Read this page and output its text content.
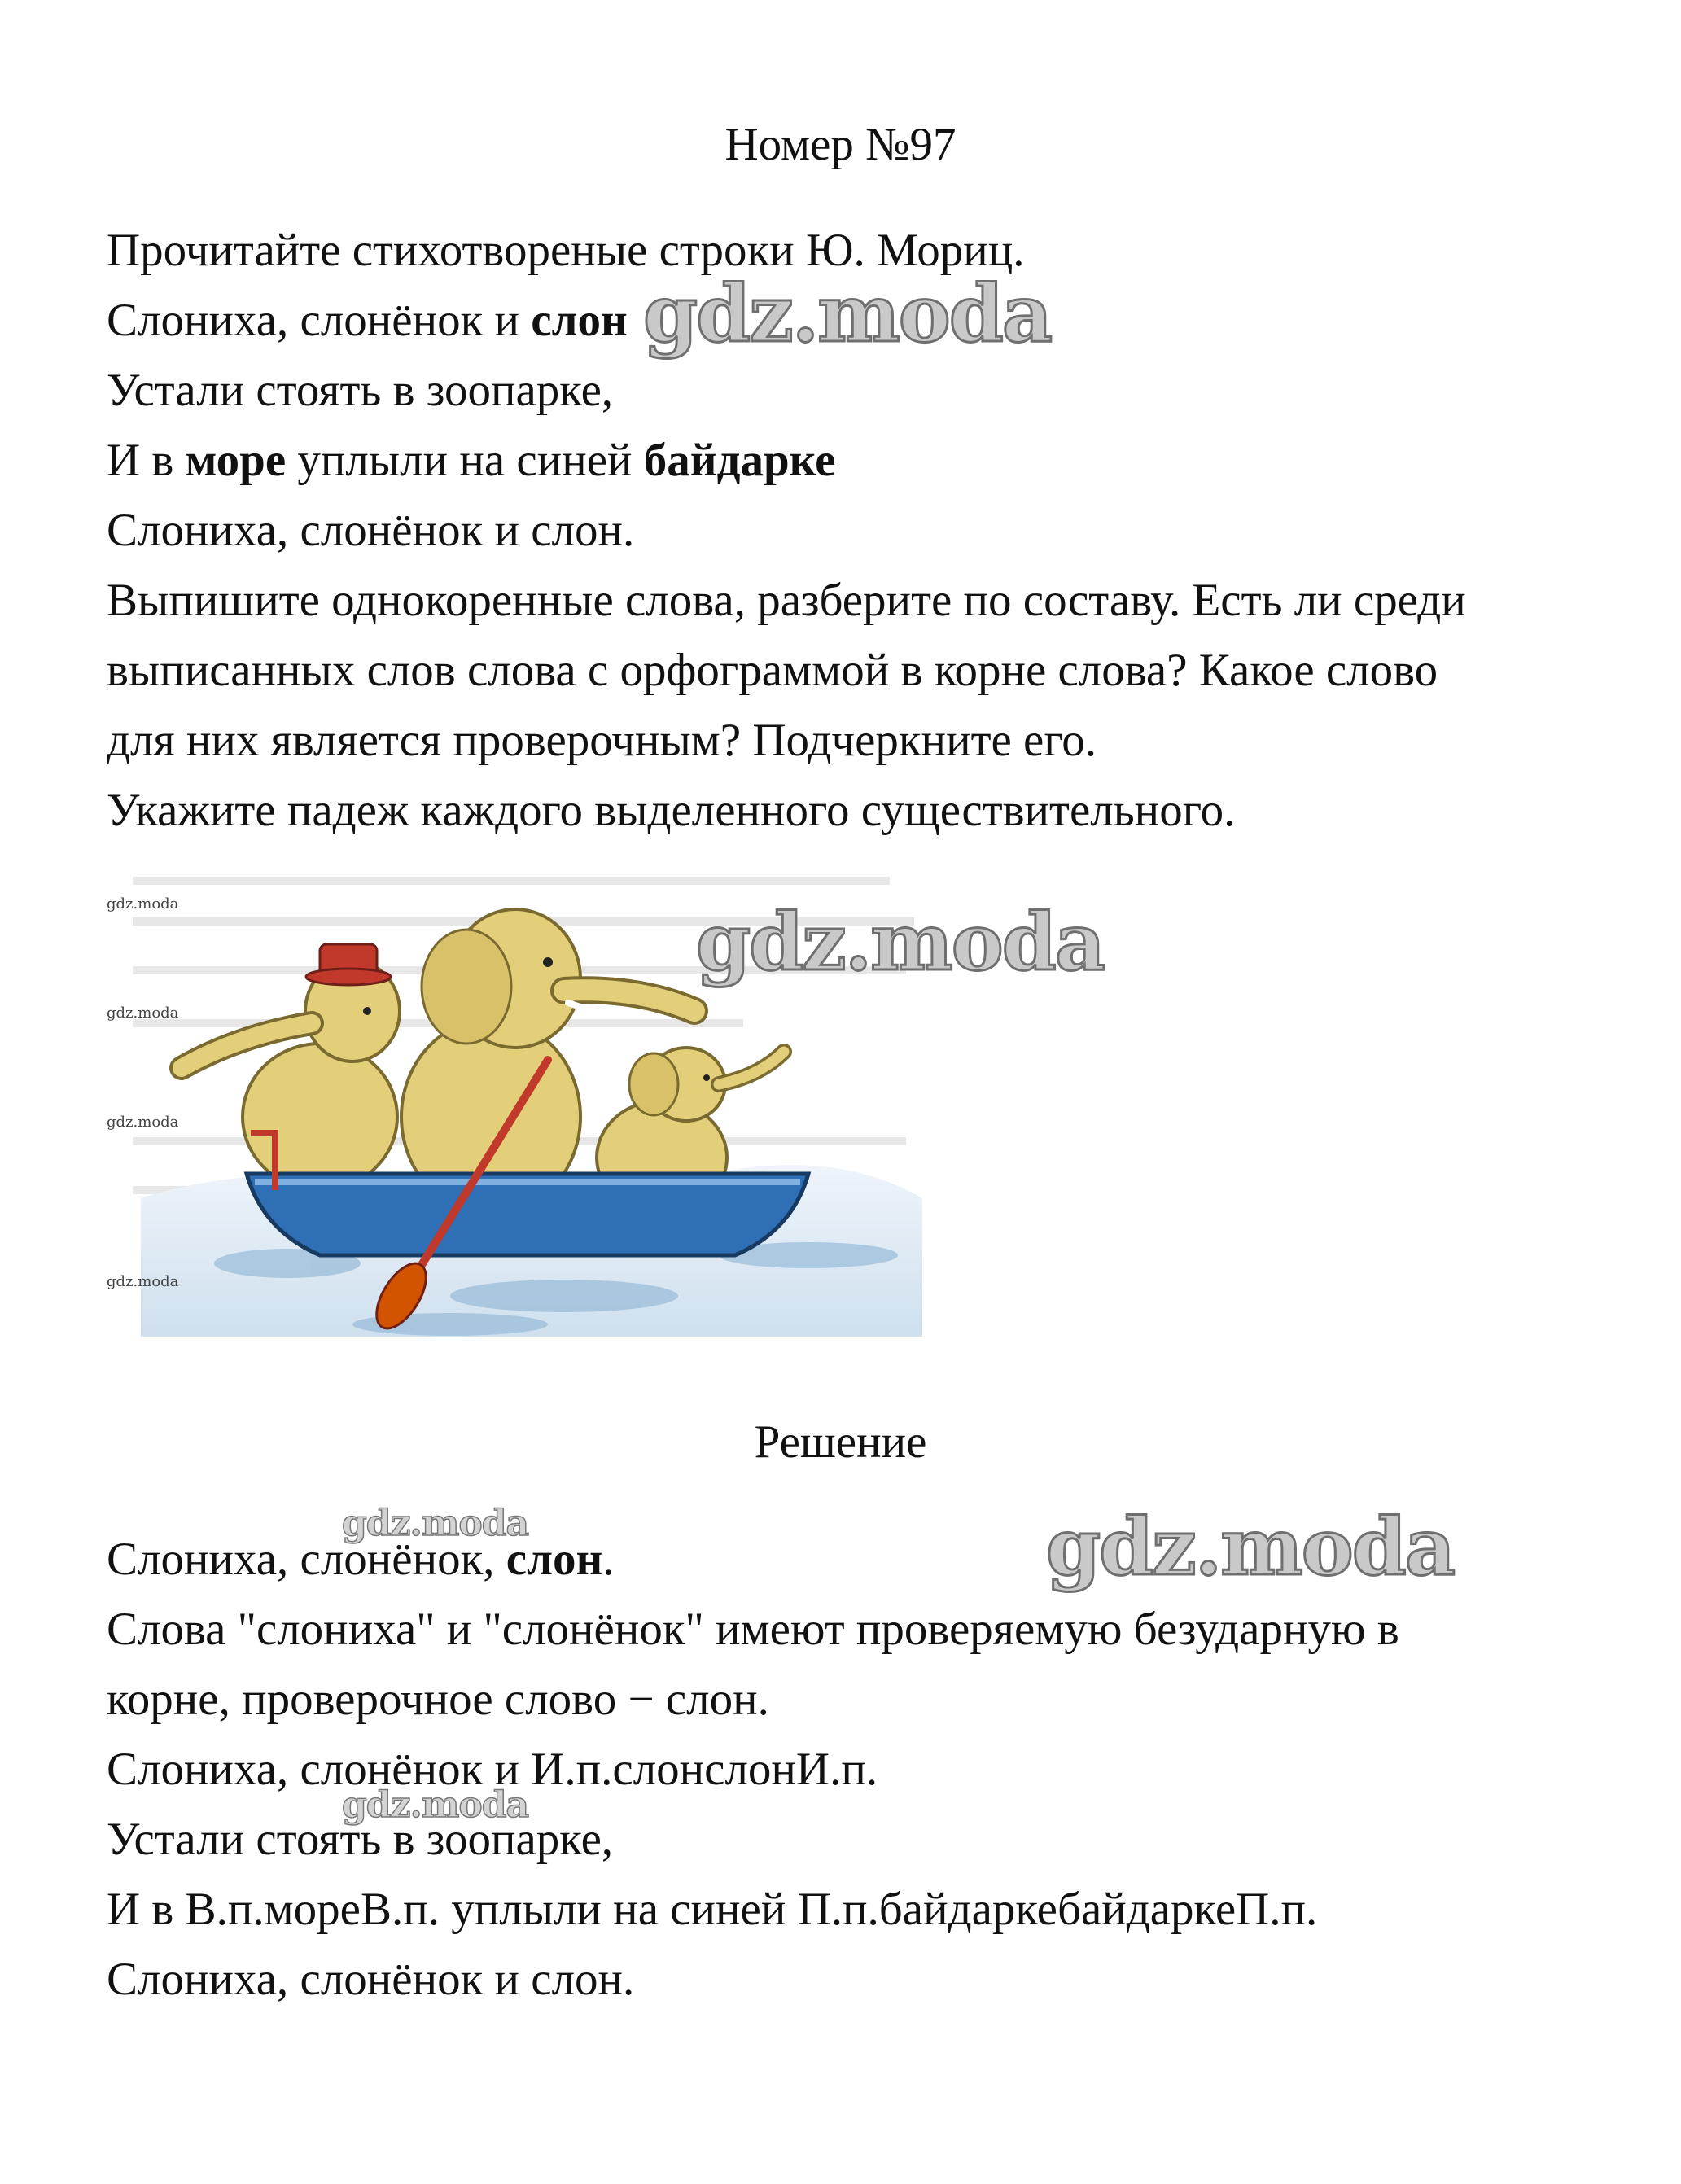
Номер №97
Прочитайте стихотвореные строки Ю. Мориц.
Слониха, слонёнок и слон
Устали стоять в зоопарке,
И в море уплыли на синей байдарке
Слониха, слонёнок и слон.
Выпишите однокоренные слова, разберите по составу. Есть ли среди
выписанных слов слова с орфограммой в корне слова? Какое слово
для них является проверочным? Подчеркните его.
Укажите падеж каждого выделенного существительного.
gdz.moda
gdz.moda
gdz.moda
gdz.moda
Решение
Слониха, слонёнок, слон.
Слова "слониха" и "слонёнок" имеют проверяемую безударную в
корне, проверочное слово − слон.
Слониха, слонёнок и И.п.слонслонИ.п.
Устали стоять в зоопарке,
И в В.п.мореВ.п. уплыли на синей П.п.байдаркебайдаркеП.п.
Слониха, слонёнок и слон.
gdz.moda
gdz.moda
gdz.moda
gdz.moda
gdz.moda
